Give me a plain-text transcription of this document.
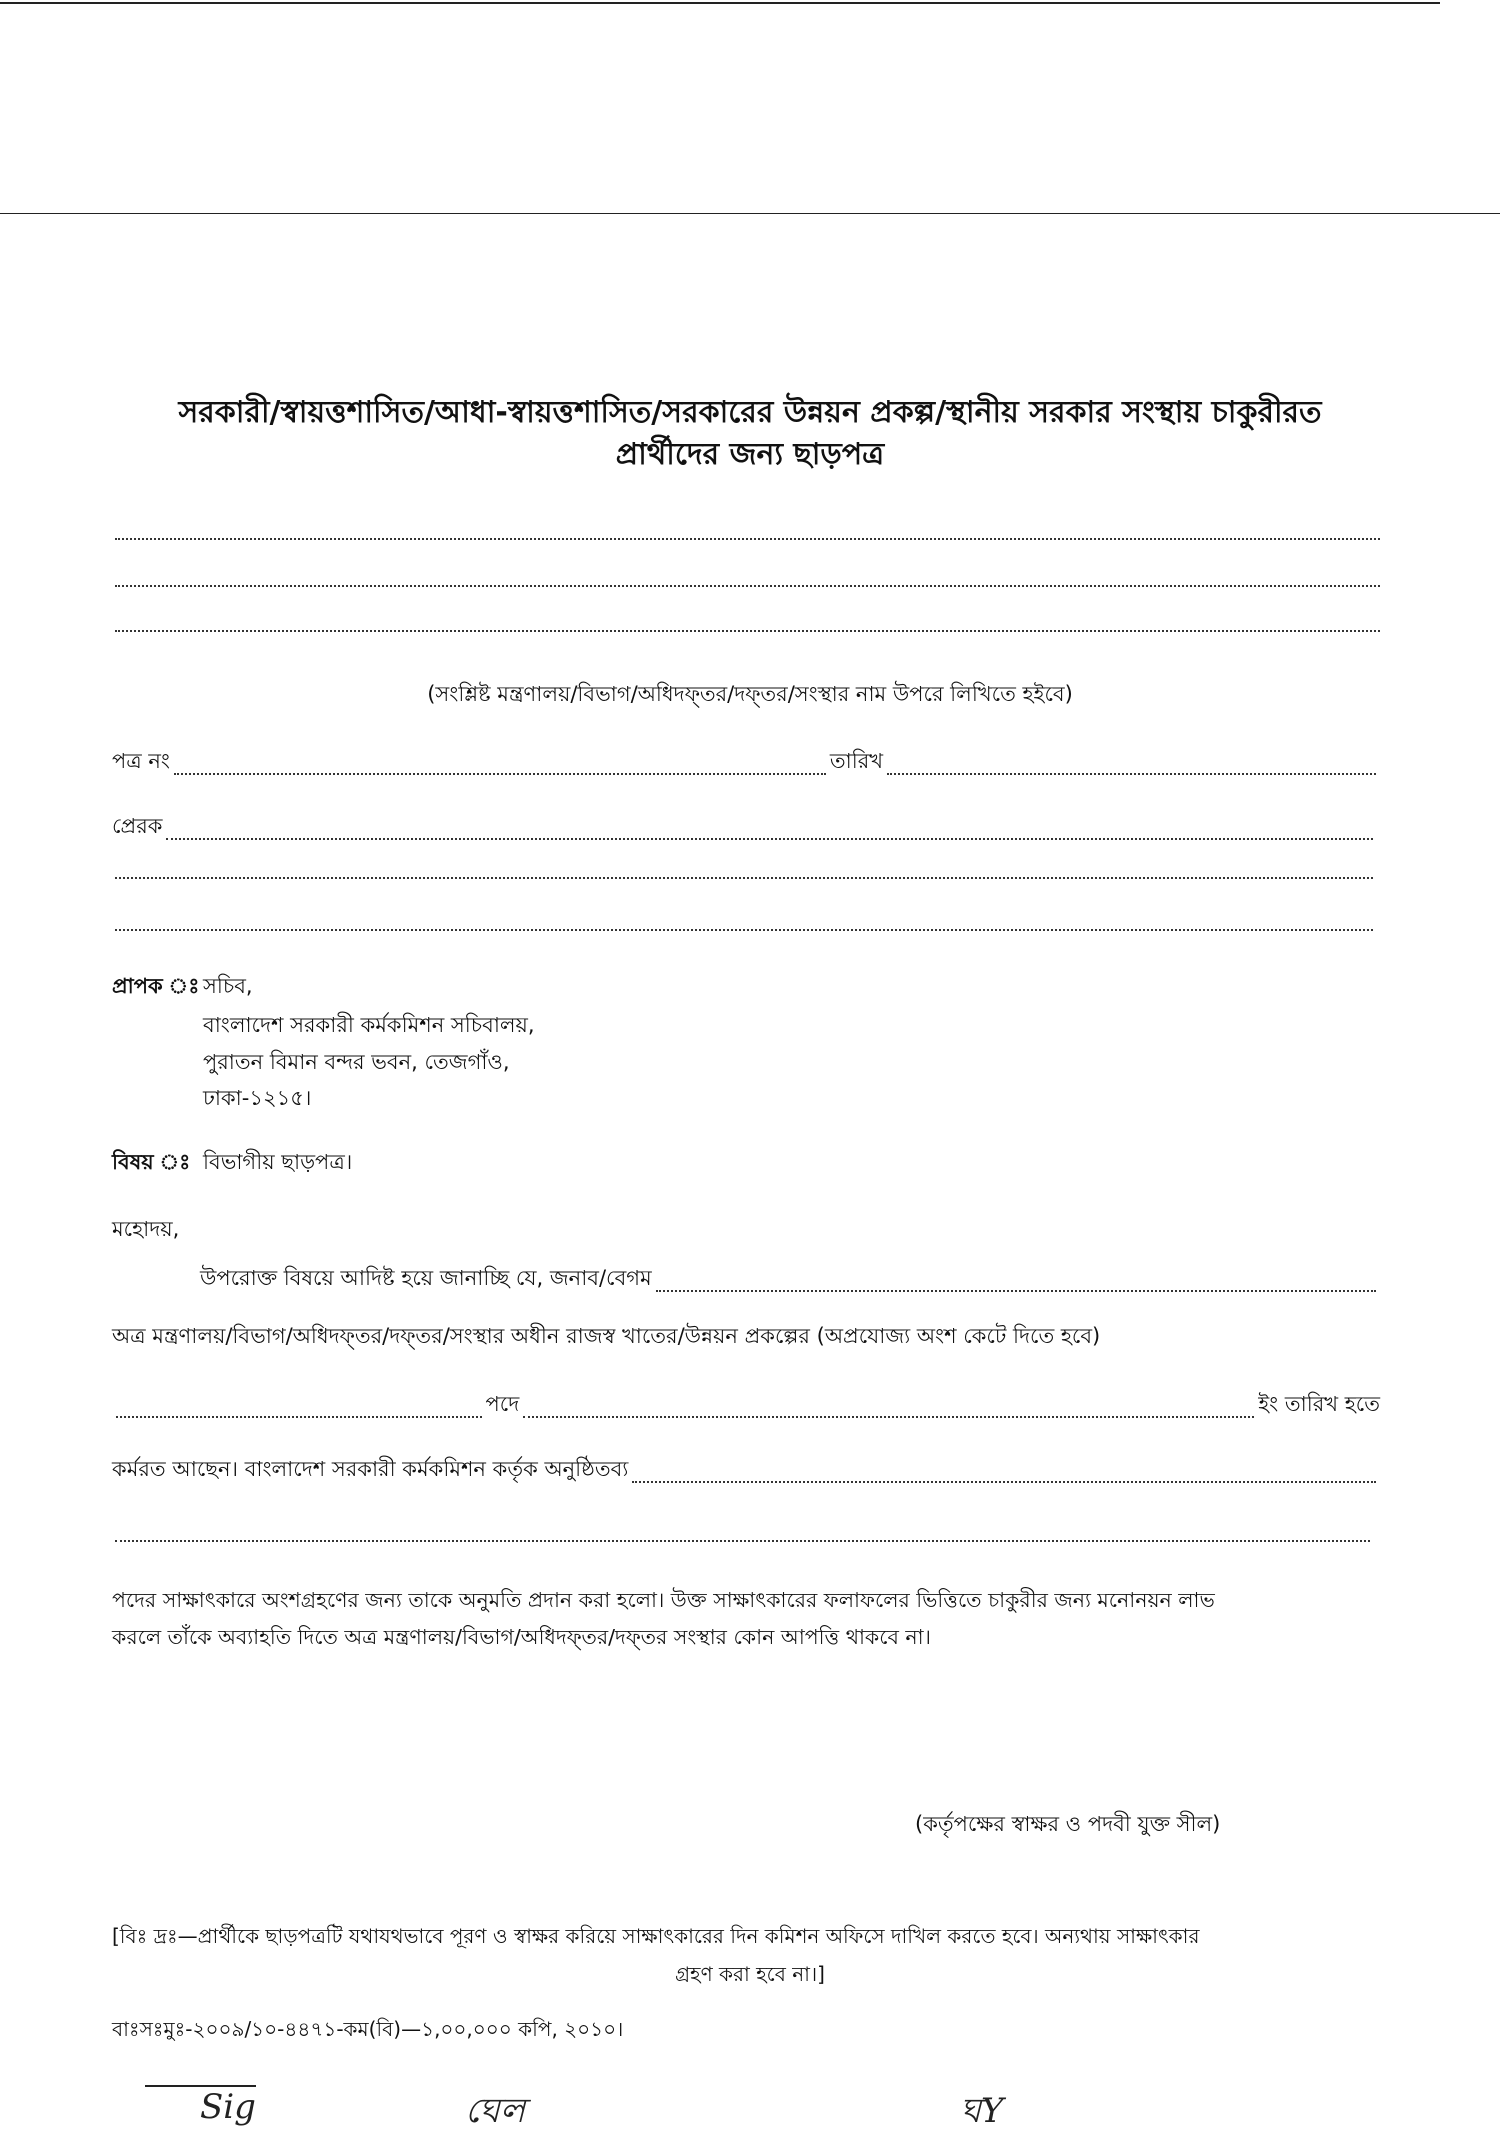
সরকারী/স্বায়ত্তশাসিত/আধা-স্বায়ত্তশাসিত/সরকারের উন্নয়ন প্রকল্প/স্থানীয় সরকার সংস্থায় চাকুরীরত
প্রার্থীদের জন্য ছাড়পত্র
(সংশ্লিষ্ট মন্ত্রণালয়/বিভাগ/অধিদফ্তর/দফ্তর/সংস্থার নাম উপরে লিখিতে হইবে)
পত্র নং	তারিখ
প্রেরক
প্রাপক ঃ সচিব,
বাংলাদেশ সরকারী কর্মকমিশন সচিবালয়,
পুরাতন বিমান বন্দর ভবন, তেজগাঁও,
ঢাকা-১২১৫।
বিষয় ঃ বিভাগীয় ছাড়পত্র।
মহোদয়,
উপরোক্ত বিষয়ে আদিষ্ট হয়ে জানাচ্ছি যে, জনাব/বেগম
অত্র মন্ত্রণালয়/বিভাগ/অধিদফ্তর/দফ্তর/সংস্থার অধীন রাজস্ব খাতের/উন্নয়ন প্রকল্পের (অপ্রযোজ্য অংশ কেটে দিতে হবে)
পদে	ইং তারিখ হতে
কর্মরত আছেন। বাংলাদেশ সরকারী কর্মকমিশন কর্তৃক অনুষ্ঠিতব্য
পদের সাক্ষাৎকারে অংশগ্রহণের জন্য তাকে অনুমতি প্রদান করা হলো। উক্ত সাক্ষাৎকারের ফলাফলের ভিত্তিতে চাকুরীর জন্য মনোনয়ন লাভ
করলে তাঁকে অব্যাহতি দিতে অত্র মন্ত্রণালয়/বিভাগ/অধিদফ্তর/দফ্তর সংস্থার কোন আপত্তি থাকবে না।
(কর্তৃপক্ষের স্বাক্ষর ও পদবী যুক্ত সীল)
[বিঃ দ্রঃ—প্রার্থীকে ছাড়পত্রটি যথাযথভাবে পূরণ ও স্বাক্ষর করিয়ে সাক্ষাৎকারের দিন কমিশন অফিসে দাখিল করতে হবে। অন্যথায় সাক্ষাৎকার
গ্রহণ করা হবে না।]
বাঃসঃমুঃ-২০০৯/১০-৪৪৭১-কম(বি)—১,০০,০০০ কপি, ২০১০।
Sig	ঘেল	ঘY
